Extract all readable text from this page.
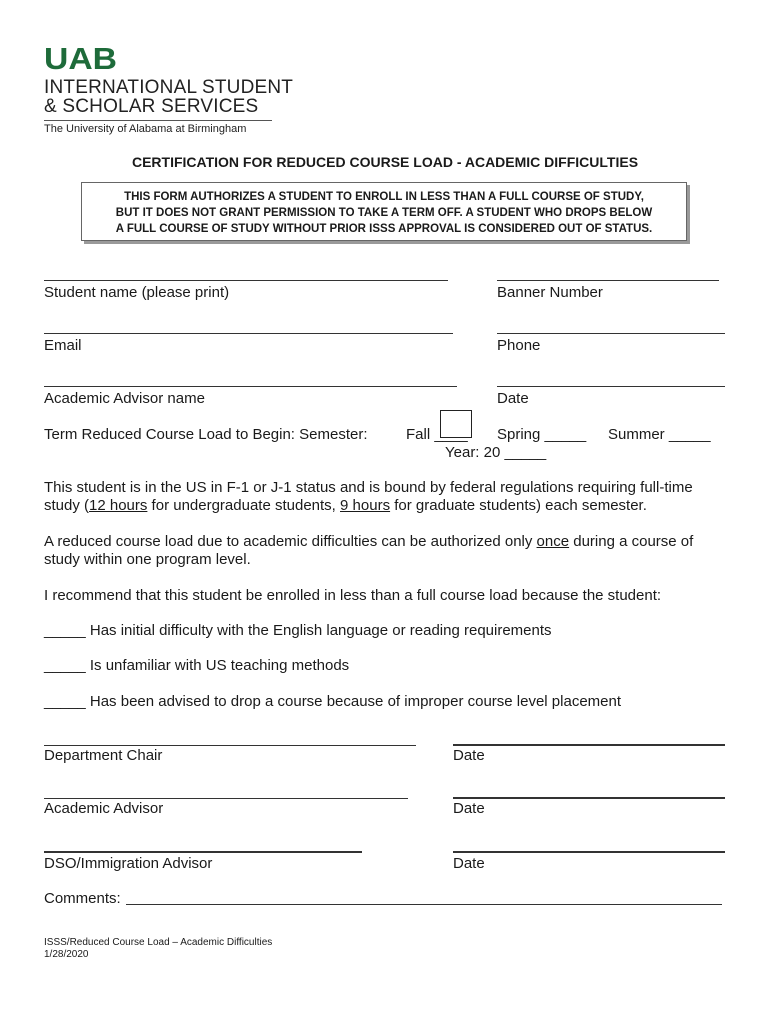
UAB
INTERNATIONAL STUDENT
& SCHOLAR SERVICES
The University of Alabama at Birmingham
CERTIFICATION FOR REDUCED COURSE LOAD - ACADEMIC DIFFICULTIES
THIS FORM AUTHORIZES A STUDENT TO ENROLL IN LESS THAN A FULL COURSE OF STUDY,
BUT IT DOES NOT GRANT PERMISSION TO TAKE A TERM OFF. A STUDENT WHO DROPS BELOW
A FULL COURSE OF STUDY WITHOUT PRIOR ISSS APPROVAL IS CONSIDERED OUT OF STATUS.
Student name (please print)	Banner Number
Email	Phone
Academic Advisor name	Date
Term Reduced Course Load to Begin: Semester:	Fall ____ Spring _____ Summer _____
Year: 20 _____
This student is in the US in F-1 or J-1 status and is bound by federal regulations requiring full-time study (12 hours for undergraduate students, 9 hours for graduate students) each semester.
A reduced course load due to academic difficulties can be authorized only once during a course of study within one program level.
I recommend that this student be enrolled in less than a full course load because the student:
_____ Has initial difficulty with the English language or reading requirements
_____ Is unfamiliar with US teaching methods
_____ Has been advised to drop a course because of improper course level placement
Department Chair	Date
Academic Advisor	Date
DSO/Immigration Advisor	Date
Comments:
ISSS/Reduced Course Load – Academic Difficulties
1/28/2020
